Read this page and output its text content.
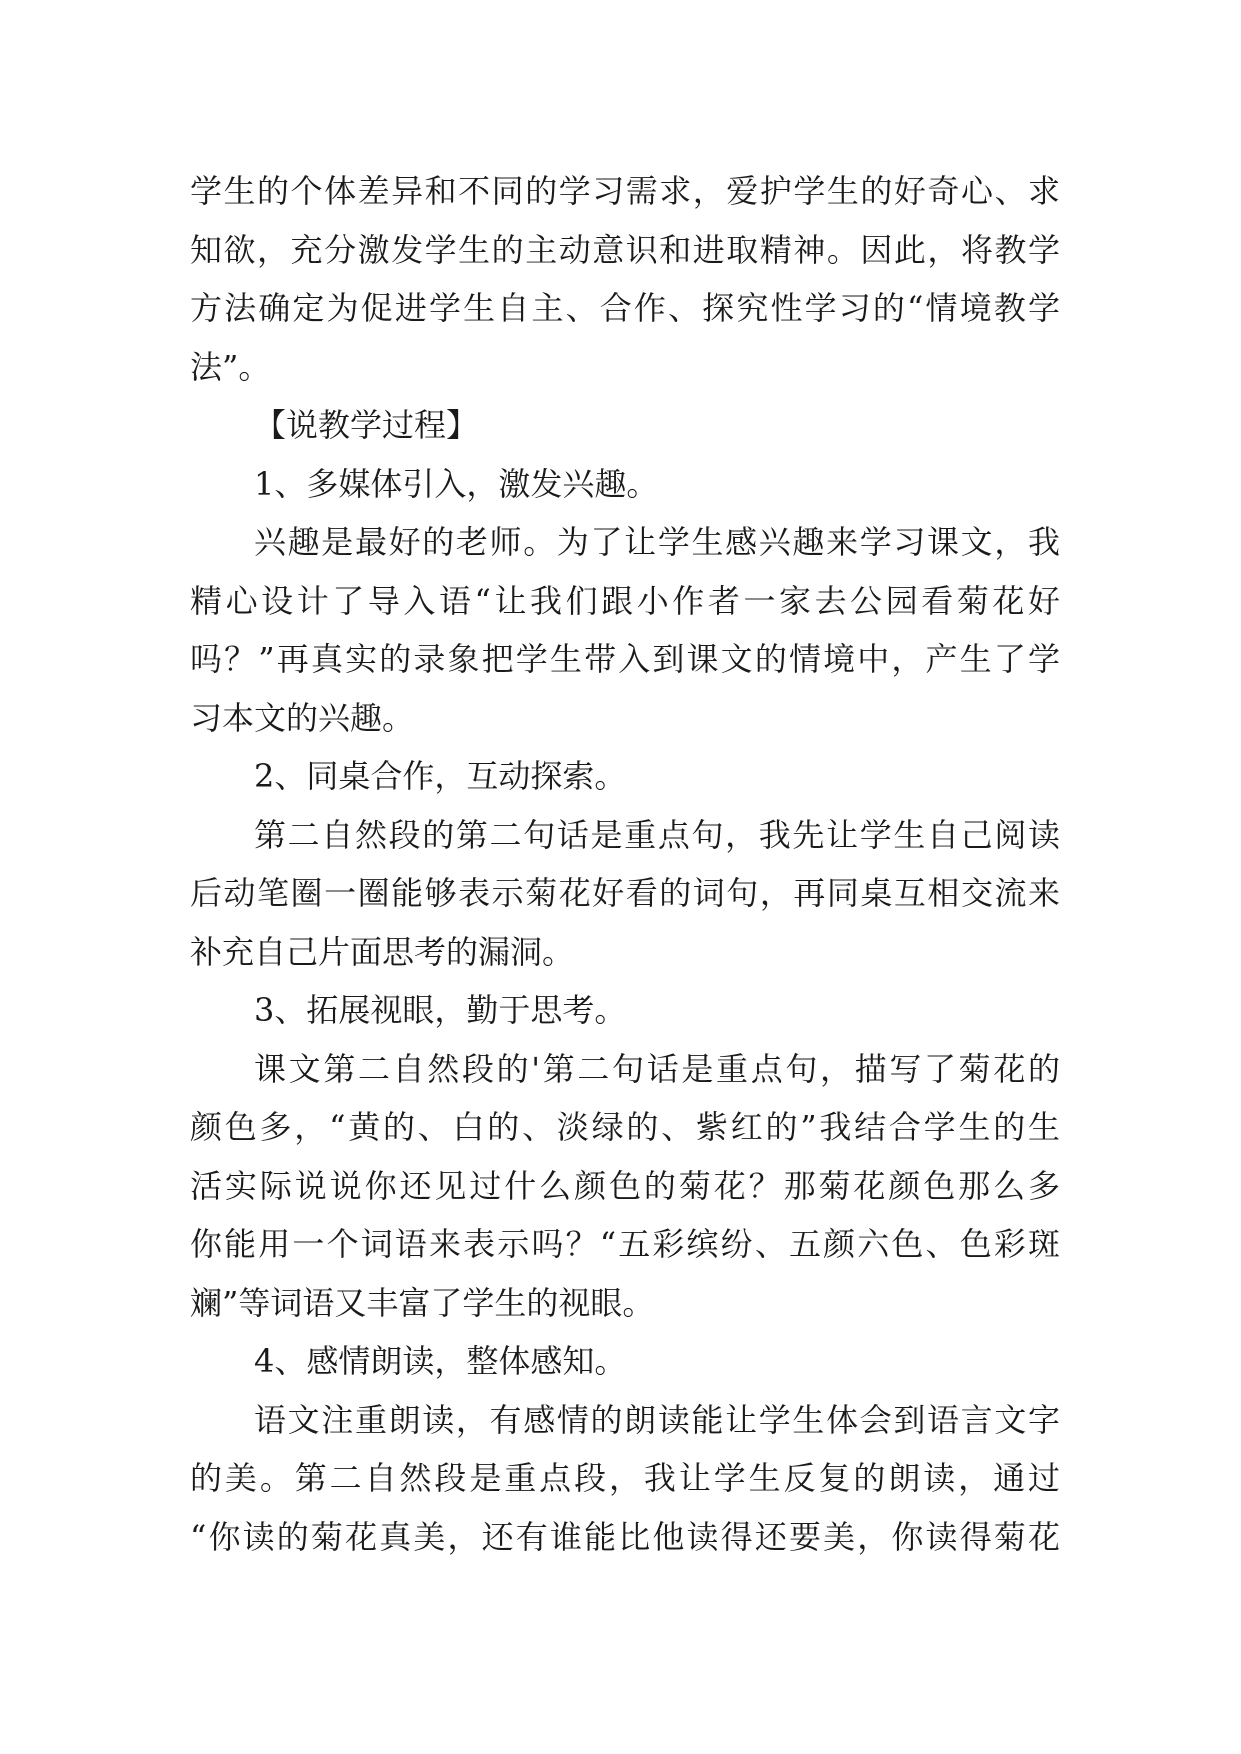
学生的个体差异和不同的学习需求，爱护学生的好奇心、求
知欲，充分激发学生的主动意识和进取精神。因此，将教学
方法确定为促进学生自主、合作、探究性学习的“情境教学
法”。
【说教学过程】
1、多媒体引入，激发兴趣。
兴趣是最好的老师。为了让学生感兴趣来学习课文，我
精心设计了导入语“让我们跟小作者一家去公园看菊花好
吗？”再真实的录象把学生带入到课文的情境中，产生了学
习本文的兴趣。
2、同桌合作，互动探索。
第二自然段的第二句话是重点句，我先让学生自己阅读
后动笔圈一圈能够表示菊花好看的词句，再同桌互相交流来
补充自己片面思考的漏洞。
3、拓展视眼，勤于思考。
课文第二自然段的'第二句话是重点句，描写了菊花的
颜色多，“黄的、白的、淡绿的、紫红的”我结合学生的生
活实际说说你还见过什么颜色的菊花？那菊花颜色那么多
你能用一个词语来表示吗？“五彩缤纷、五颜六色、色彩斑
斓”等词语又丰富了学生的视眼。
4、感情朗读，整体感知。
语文注重朗读，有感情的朗读能让学生体会到语言文字
的美。第二自然段是重点段，我让学生反复的朗读，通过
“你读的菊花真美，还有谁能比他读得还要美，你读得菊花
